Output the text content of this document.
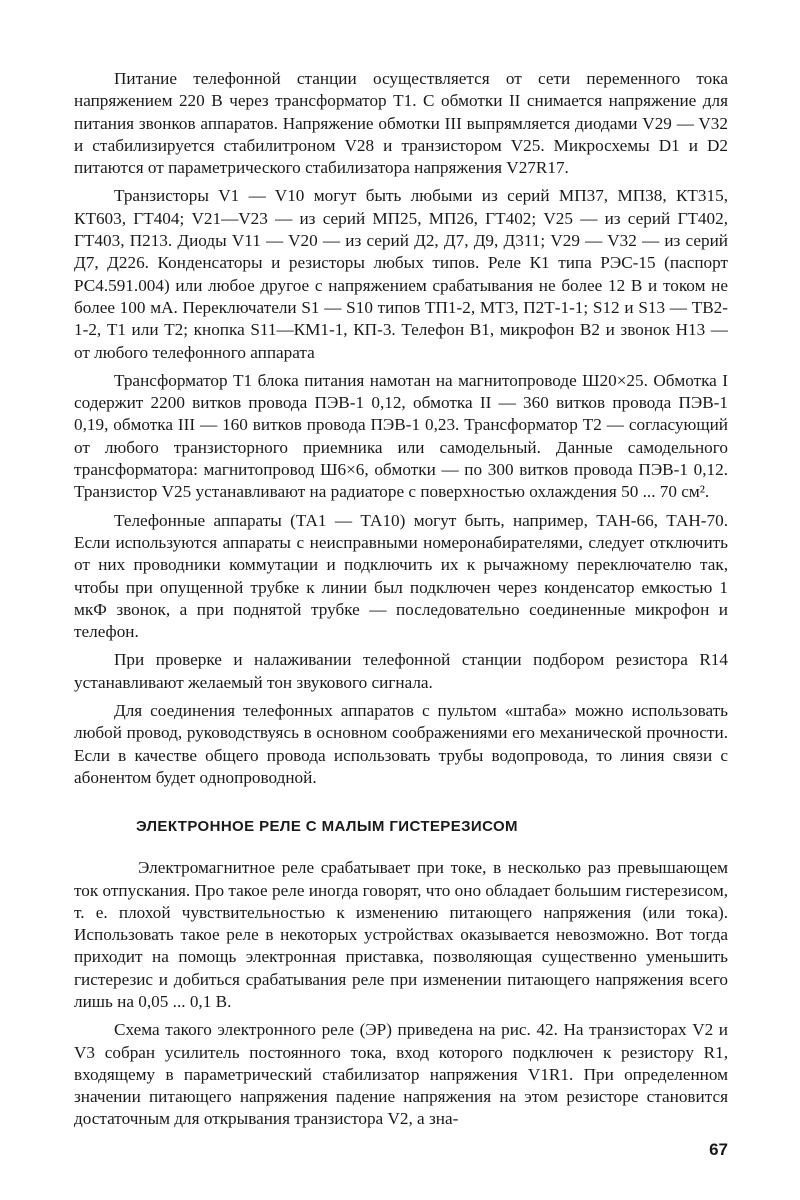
Питание телефонной станции осуществляется от сети переменного тока напряжением 220 В через трансформатор Т1. С обмотки II снимается напряжение для питания звонков аппаратов. Напряжение обмотки III выпрямляется диодами V29 — V32 и стабилизируется стабилитроном V28 и транзистором V25. Микросхемы D1 и D2 питаются от параметрического стабилизатора напряжения V27R17.

Транзисторы V1 — V10 могут быть любыми из серий МП37, МП38, КТ315, КТ603, ГТ404; V21—V23 — из серий МП25, МП26, ГТ402; V25 — из серий ГТ402, ГТ403, П213. Диоды V11 — V20 — из серий Д2, Д7, Д9, Д311; V29 — V32 — из серий Д7, Д226. Конденсаторы и резисторы любых типов. Реле К1 типа РЭС-15 (паспорт РС4.591.004) или любое другое с напряжением срабатывания не более 12 В и током не более 100 мА. Переключатели S1 — S10 типов ТП1-2, МТ3, П2Т-1-1; S12 и S13 — ТВ2-1-2, Т1 или Т2; кнопка S11—КМ1-1, КП-3. Телефон В1, микрофон В2 и звонок Н13 — от любого телефонного аппарата

Трансформатор Т1 блока питания намотан на магнитопроводе Ш20×25. Обмотка I содержит 2200 витков провода ПЭВ-1 0,12, обмотка II — 360 витков провода ПЭВ-1 0,19, обмотка III — 160 витков провода ПЭВ-1 0,23. Трансформатор Т2 — согласующий от любого транзисторного приемника или самодельный. Данные самодельного трансформатора: магнитопровод Ш6×6, обмотки — по 300 витков провода ПЭВ-1 0,12. Транзистор V25 устанавливают на радиаторе с поверхностью охлаждения 50 ... 70 см².

Телефонные аппараты (ТА1 — ТА10) могут быть, например, ТАН-66, ТАН-70. Если используются аппараты с неисправными номеронабирателями, следует отключить от них проводники коммутации и подключить их к рычажному переключателю так, чтобы при опущенной трубке к линии был подключен через конденсатор емкостью 1 мкФ звонок, а при поднятой трубке — последовательно соединенные микрофон и телефон.

При проверке и налаживании телефонной станции подбором резистора R14 устанавливают желаемый тон звукового сигнала.

Для соединения телефонных аппаратов с пультом «штаба» можно использовать любой провод, руководствуясь в основном соображениями его механической прочности. Если в качестве общего провода использовать трубы водопровода, то линия связи с абонентом будет однопроводной.

ЭЛЕКТРОННОЕ РЕЛЕ С МАЛЫМ ГИСТЕРЕЗИСОМ

Электромагнитное реле срабатывает при токе, в несколько раз превышающем ток отпускания. Про такое реле иногда говорят, что оно обладает большим гистерезисом, т. е. плохой чувствительностью к изменению питающего напряжения (или тока). Использовать такое реле в некоторых устройствах оказывается невозможно. Вот тогда приходит на помощь электронная приставка, позволяющая существенно уменьшить гистерезис и добиться срабатывания реле при изменении питающего напряжения всего лишь на 0,05 ... 0,1 В.

Схема такого электронного реле (ЭР) приведена на рис. 42. На транзисторах V2 и V3 собран усилитель постоянного тока, вход которого подключен к резистору R1, входящему в параметрический стабилизатор напряжения V1R1. При определенном значении питающего напряжения падение напряжения на этом резисторе становится достаточным для открывания транзистора V2, а зна-

67
